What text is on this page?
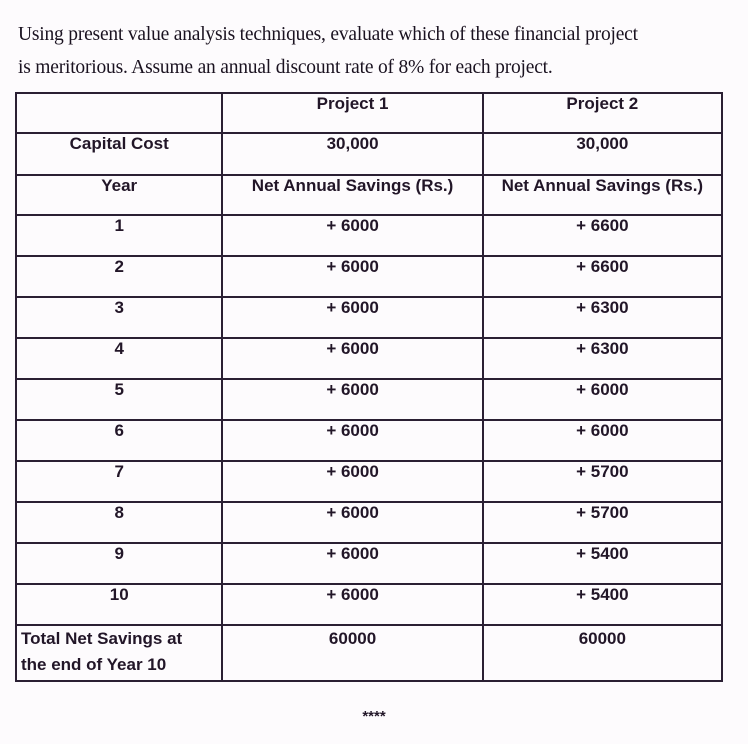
Using present value analysis techniques, evaluate which of these financial project

is meritorious. Assume an annual discount rate of 8% for each project.

	Project 1	Project 2
Capital Cost	30,000	30,000
Year	Net Annual Savings (Rs.)	Net Annual Savings (Rs.)
1	+ 6000	+ 6600
2	+ 6000	+ 6600
3	+ 6000	+ 6300
4	+ 6000	+ 6300
5	+ 6000	+ 6000
6	+ 6000	+ 6000
7	+ 6000	+ 5700
8	+ 6000	+ 5700
9	+ 6000	+ 5400
10	+ 6000	+ 5400
Total Net Savings at
the end of Year 10	60000	60000
****
